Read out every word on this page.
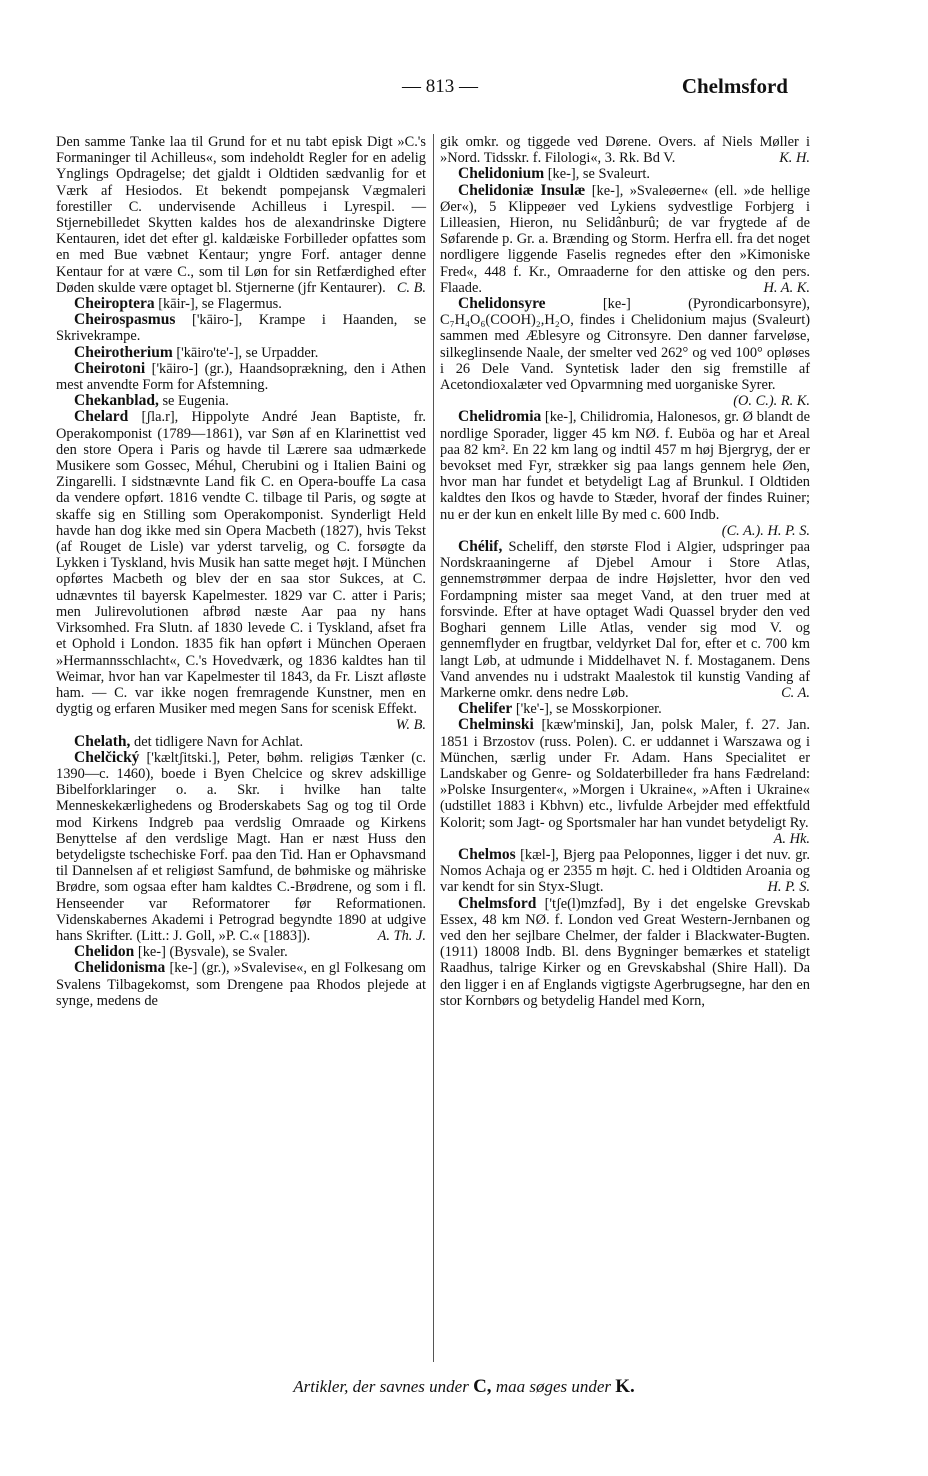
— 813 —	Chelmsford

Den samme Tanke laa til Grund for et nu tabt episk Digt »C.'s Formaninger til Achilleus«, som indeholdt Regler for en adelig Ynglings Opdragelse; det gjaldt i Oldtiden sædvanlig for et Værk af Hesiodos. Et bekendt pompejansk Vægmaleri forestiller C. undervisende Achilleus i Lyrespil. — Stjernebilledet Skytten kaldes hos de alexandrinske Digtere Kentauren, idet det efter gl. kaldæiske Forbilleder opfattes som en med Bue væbnet Kentaur; yngre Forf. antager denne Kentaur for at være C., som til Løn for sin Retfærdighed efter Døden skulde være optaget bl. Stjernerne (jfr Kentaurer). C. B.

Cheiroptera [kāir-], se Flagermus.

Cheirospasmus ['kāiro-], Krampe i Haanden, se Skrivekrampe.

Cheirotherium ['kāiro'te'-], se Urpadder.

Cheirotoni ['kāiro-] (gr.), Haandsoprækning, den i Athen mest anvendte Form for Afstemning.

Chekanblad, se Eugenia.

Chelard [ʃla.r], Hippolyte André Jean Baptiste, fr. Operakomponist (1789—1861), var Søn af en Klarinettist ved den store Opera i Paris og havde til Lærere saa udmærkede Musikere som Gossec, Méhul, Cherubini og i Italien Baini og Zingarelli. I sidstnævnte Land fik C. en Opera-bouffe La casa da vendere opført. 1816 vendte C. tilbage til Paris, og søgte at skaffe sig en Stilling som Operakomponist. Synderligt Held havde han dog ikke med sin Opera Macbeth (1827), hvis Tekst (af Rouget de Lisle) var yderst tarvelig, og C. forsøgte da Lykken i Tyskland, hvis Musik han satte meget højt. I München opførtes Macbeth og blev der en saa stor Sukces, at C. udnævntes til bayersk Kapelmester. 1829 var C. atter i Paris; men Julirevolutionen afbrød næste Aar paa ny hans Virksomhed. Fra Slutn. af 1830 levede C. i Tyskland, afset fra et Ophold i London. 1835 fik han opført i München Operaen »Hermannsschlacht«, C.'s Hovedværk, og 1836 kaldtes han til Weimar, hvor han var Kapelmester til 1843, da Fr. Liszt afløste ham. — C. var ikke nogen fremragende Kunstner, men en dygtig og erfaren Musiker med megen Sans for scenisk Effekt.
W. B.

Chelath, det tidligere Navn for Achlat.

Chelčický ['kæltʃitski.], Peter, bøhm. religiøs Tænker (c. 1390—c. 1460), boede i Byen Chelcice og skrev adskillige Bibelforklaringer o. a. Skr. i hvilke han talte Menneskekærlighedens og Broderskabets Sag og tog til Orde mod Kirkens Indgreb paa verdslig Omraade og Kirkens Benyttelse af den verdslige Magt. Han er næst Huss den betydeligste tschechiske Forf. paa den Tid. Han er Ophavsmand til Dannelsen af et religiøst Samfund, de bøhmiske og mähriske Brødre, som ogsaa efter ham kaldtes C.-Brødrene, og som i fl. Henseender var Reformatorer før Reformationen. Videnskabernes Akademi i Petrograd begyndte 1890 at udgive hans Skrifter. (Litt.: J. Goll, »P. C.« [1883]).	A. Th. J.

Chelidon [ke-] (Bysvale), se Svaler.

Chelidonisma [ke-] (gr.), »Svalevise«, en gl Folkesang om Svalens Tilbagekomst, som Drengene paa Rhodos plejede at synge, medens de

gik omkr. og tiggede ved Dørene. Overs. af Niels Møller i »Nord. Tidsskr. f. Filologi«, 3. Rk. Bd V.	K. H.

Chelidonium [ke-], se Svaleurt.

Chelidoniæ Insulæ [ke-], »Svaleøerne« (ell. »de hellige Øer«), 5 Klippeøer ved Lykiens sydvestlige Forbjerg i Lilleasien, Hieron, nu Selidânburû; de var frygtede af de Søfarende p. Gr. a. Brænding og Storm. Herfra ell. fra det noget nordligere liggende Faselis regnedes efter den »Kimoniske Fred«, 448 f. Kr., Omraaderne for den attiske og den pers. Flaade.	H. A. K.

Chelidonsyre [ke-] (Pyrondicarbonsyre), C₇H₄O₆(COOH)₂,H₂O, findes i Chelidonium majus (Svaleurt) sammen med Æblesyre og Citronsyre. Den danner farveløse, silkeglinsende Naale, der smelter ved 262° og ved 100° opløses i 26 Dele Vand. Syntetisk lader den sig fremstille af Acetondioxalæter ved Opvarmning med uorganiske Syrer.
(O. C.). R. K.

Chelidromia [ke-], Chilidromia, Halonesos, gr. Ø blandt de nordlige Sporader, ligger 45 km NØ. f. Euböa og har et Areal paa 82 km². En 22 km lang og indtil 457 m høj Bjergryg, der er bevokset med Fyr, strækker sig paa langs gennem hele Øen, hvor man har fundet et betydeligt Lag af Brunkul. I Oldtiden kaldtes den Ikos og havde to Stæder, hvoraf der findes Ruiner; nu er der kun en enkelt lille By med c. 600 Indb.
(C. A.). H. P. S.

Chélif, Scheliff, den største Flod i Algier, udspringer paa Nordskraaningerne af Djebel Amour i Store Atlas, gennemstrømmer derpaa de indre Højsletter, hvor den ved Fordampning mister saa meget Vand, at den truer med at forsvinde. Efter at have optaget Wadi Quassel bryder den ved Boghari gennem Lille Atlas, vender sig mod V. og gennemflyder en frugtbar, veldyrket Dal for, efter et c. 700 km langt Løb, at udmunde i Middelhavet N. f. Mostaganem. Dens Vand anvendes nu i udstrakt Maalestok til kunstig Vanding af Markerne omkr. dens nedre Løb.	C. A.

Chelifer ['ke'-], se Mosskorpioner.

Chelminski [kæw'minski], Jan, polsk Maler, f. 27. Jan. 1851 i Brzostov (russ. Polen). C. er uddannet i Warszawa og i München, særlig under Fr. Adam. Hans Specialitet er Landskaber og Genre- og Soldaterbilleder fra hans Fædreland: »Polske Insurgenter«, »Morgen i Ukraine«, »Aften i Ukraine« (udstillet 1883 i Kbhvn) etc., livfulde Arbejder med effektfuld Kolorit; som Jagt- og Sportsmaler har han vundet betydeligt Ry.
A. Hk.

Chelmos [kæl-], Bjerg paa Peloponnes, ligger i det nuv. gr. Nomos Achaja og er 2355 m højt. C. hed i Oldtiden Aroania og var kendt for sin Styx-Slugt.	H. P. S.

Chelmsford ['tʃe(l)mzfəd], By i det engelske Grevskab Essex, 48 km NØ. f. London ved Great Western-Jernbanen og ved den her sejlbare Chelmer, der falder i Blackwater-Bugten. (1911) 18008 Indb. Bl. dens Bygninger bemærkes et stateligt Raadhus, talrige Kirker og en Grevskabshal (Shire Hall). Da den ligger i en af Englands vigtigste Agerbrugsegne, har den en stor Kornbørs og betydelig Handel med Korn,

Artikler, der savnes under C, maa søges under K.
